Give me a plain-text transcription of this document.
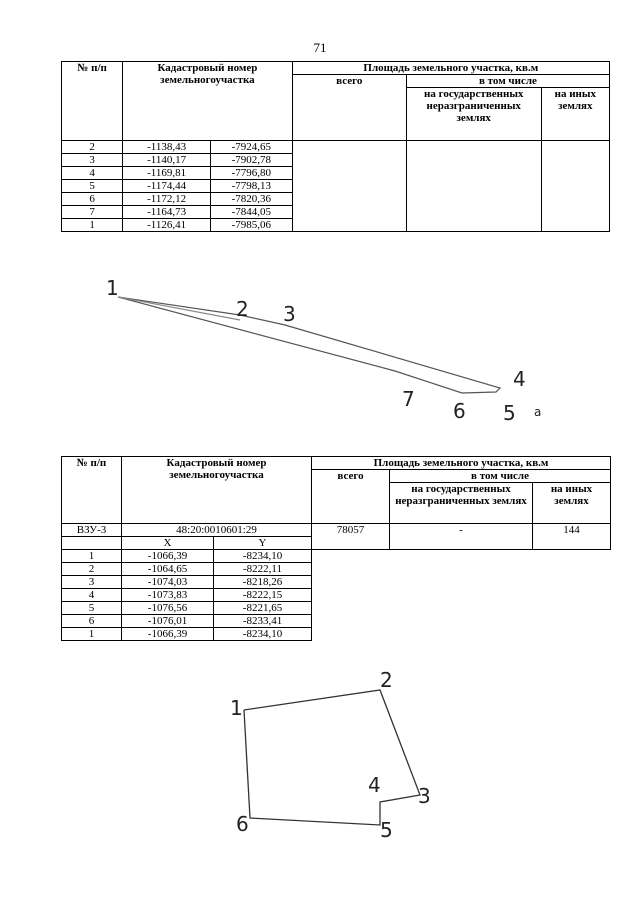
71
№ п/п	Кадастровый номер земельногоучастка		Площадь земельного участка, кв.м		
			всего	в том числе	
				на государственных неразграниченных землях	на иных землях
2	-1138,43	-7924,65			
3	-1140,17	-7902,78			
4	-1169,81	-7796,80			
5	-1174,44	-7798,13			
6	-1172,12	-7820,36			
7	-1164,73	-7844,05			
1	-1126,41	-7985,06			
1
2 3
4
5
6
7
а
№ п/п	Кадастровый номер земельногоучастка		Площадь земельного участка, кв.м		
			всего	в том числе	
				на государственных неразграниченных землях	на иных землях
ВЗУ-3	48:20:0010601:29		78057	-	144
	X	Y			
1	-1066,39	-8234,10			
2	-1064,65	-8222,11			
3	-1074,03	-8218,26			
4	-1073,83	-8222,15			
5	-1076,56	-8221,65			
6	-1076,01	-8233,41			
1	-1066,39	-8234,10			
1
2
3
4
5
6
